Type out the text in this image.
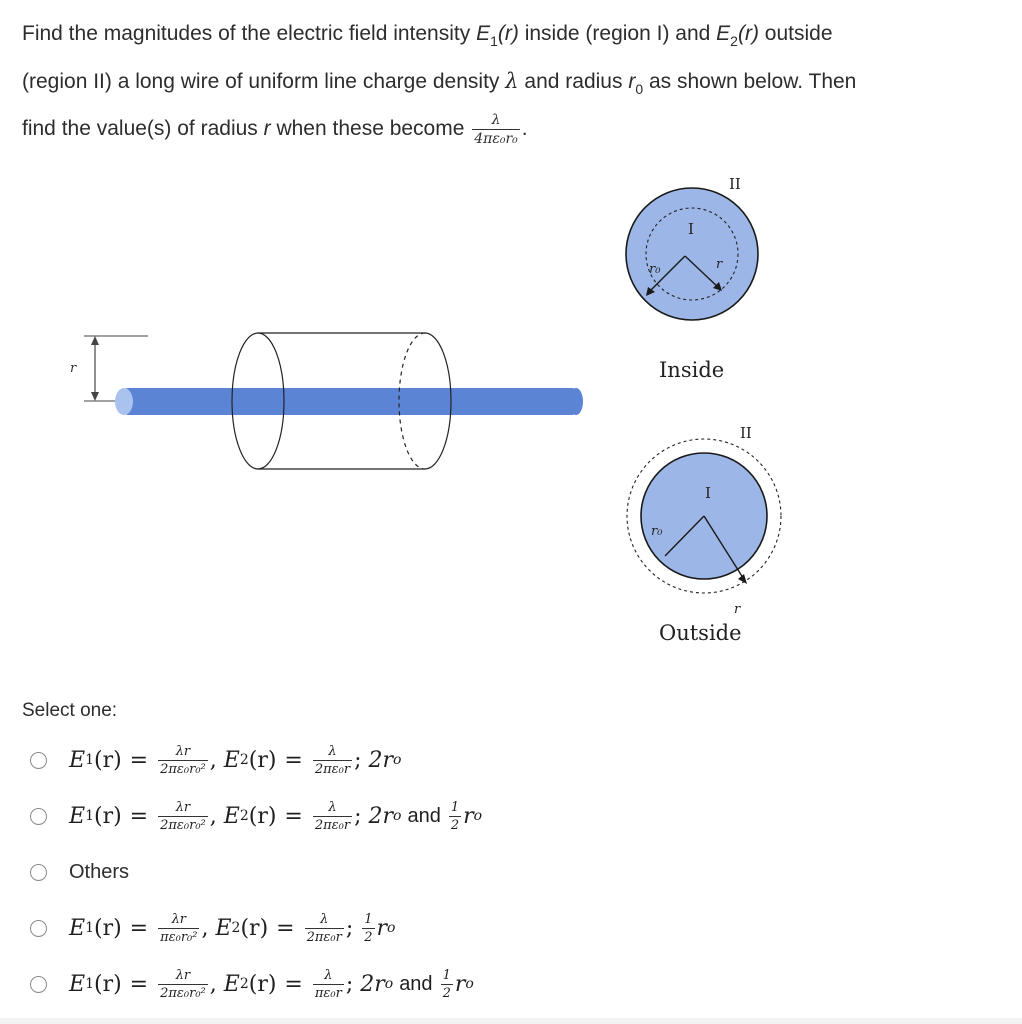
Find the magnitudes of the electric field intensity $E_1(r)$ inside (region I) and $E_2(r)$ outside
(region II) a long wire of uniform line charge density λ and radius $r_0$ as shown below. Then
find the value(s) of radius r when these become $\frac{\lambda}{\text{4πε₀r₀}}$ .
r
II
I
r₀	r
Inside
II
I
r₀
r
Outside
Select one:
E 1 $(r) = \frac{\lambda r}{\text{2πε₀r₀²}}$ ,
E 2 $(r) = \frac{\lambda}{\text{2πε₀r}}$ ;
2r o
E 1 $(r) = \frac{\lambda r}{\text{2πε₀r₀²}}$ ,
E 2 $(r) = \frac{\lambda}{\text{2πε₀r}}$ ;
2r o and $\frac{1}{2}$ r o
Others
E 1 $(r) = \frac{\lambda r}{\text{πε₀r₀²}}$ ,
E 2 $(r) = \frac{\lambda}{\text{2πε₀r}}$ ;
$\frac{1}{2}$ r o
E 1 $(r) = \frac{\lambda r}{\text{2πε₀r₀²}}$ ,
E 2 $(r) = \frac{\lambda}{\text{πε₀r}}$ ;
2r o and $\frac{1}{2}$ r o
